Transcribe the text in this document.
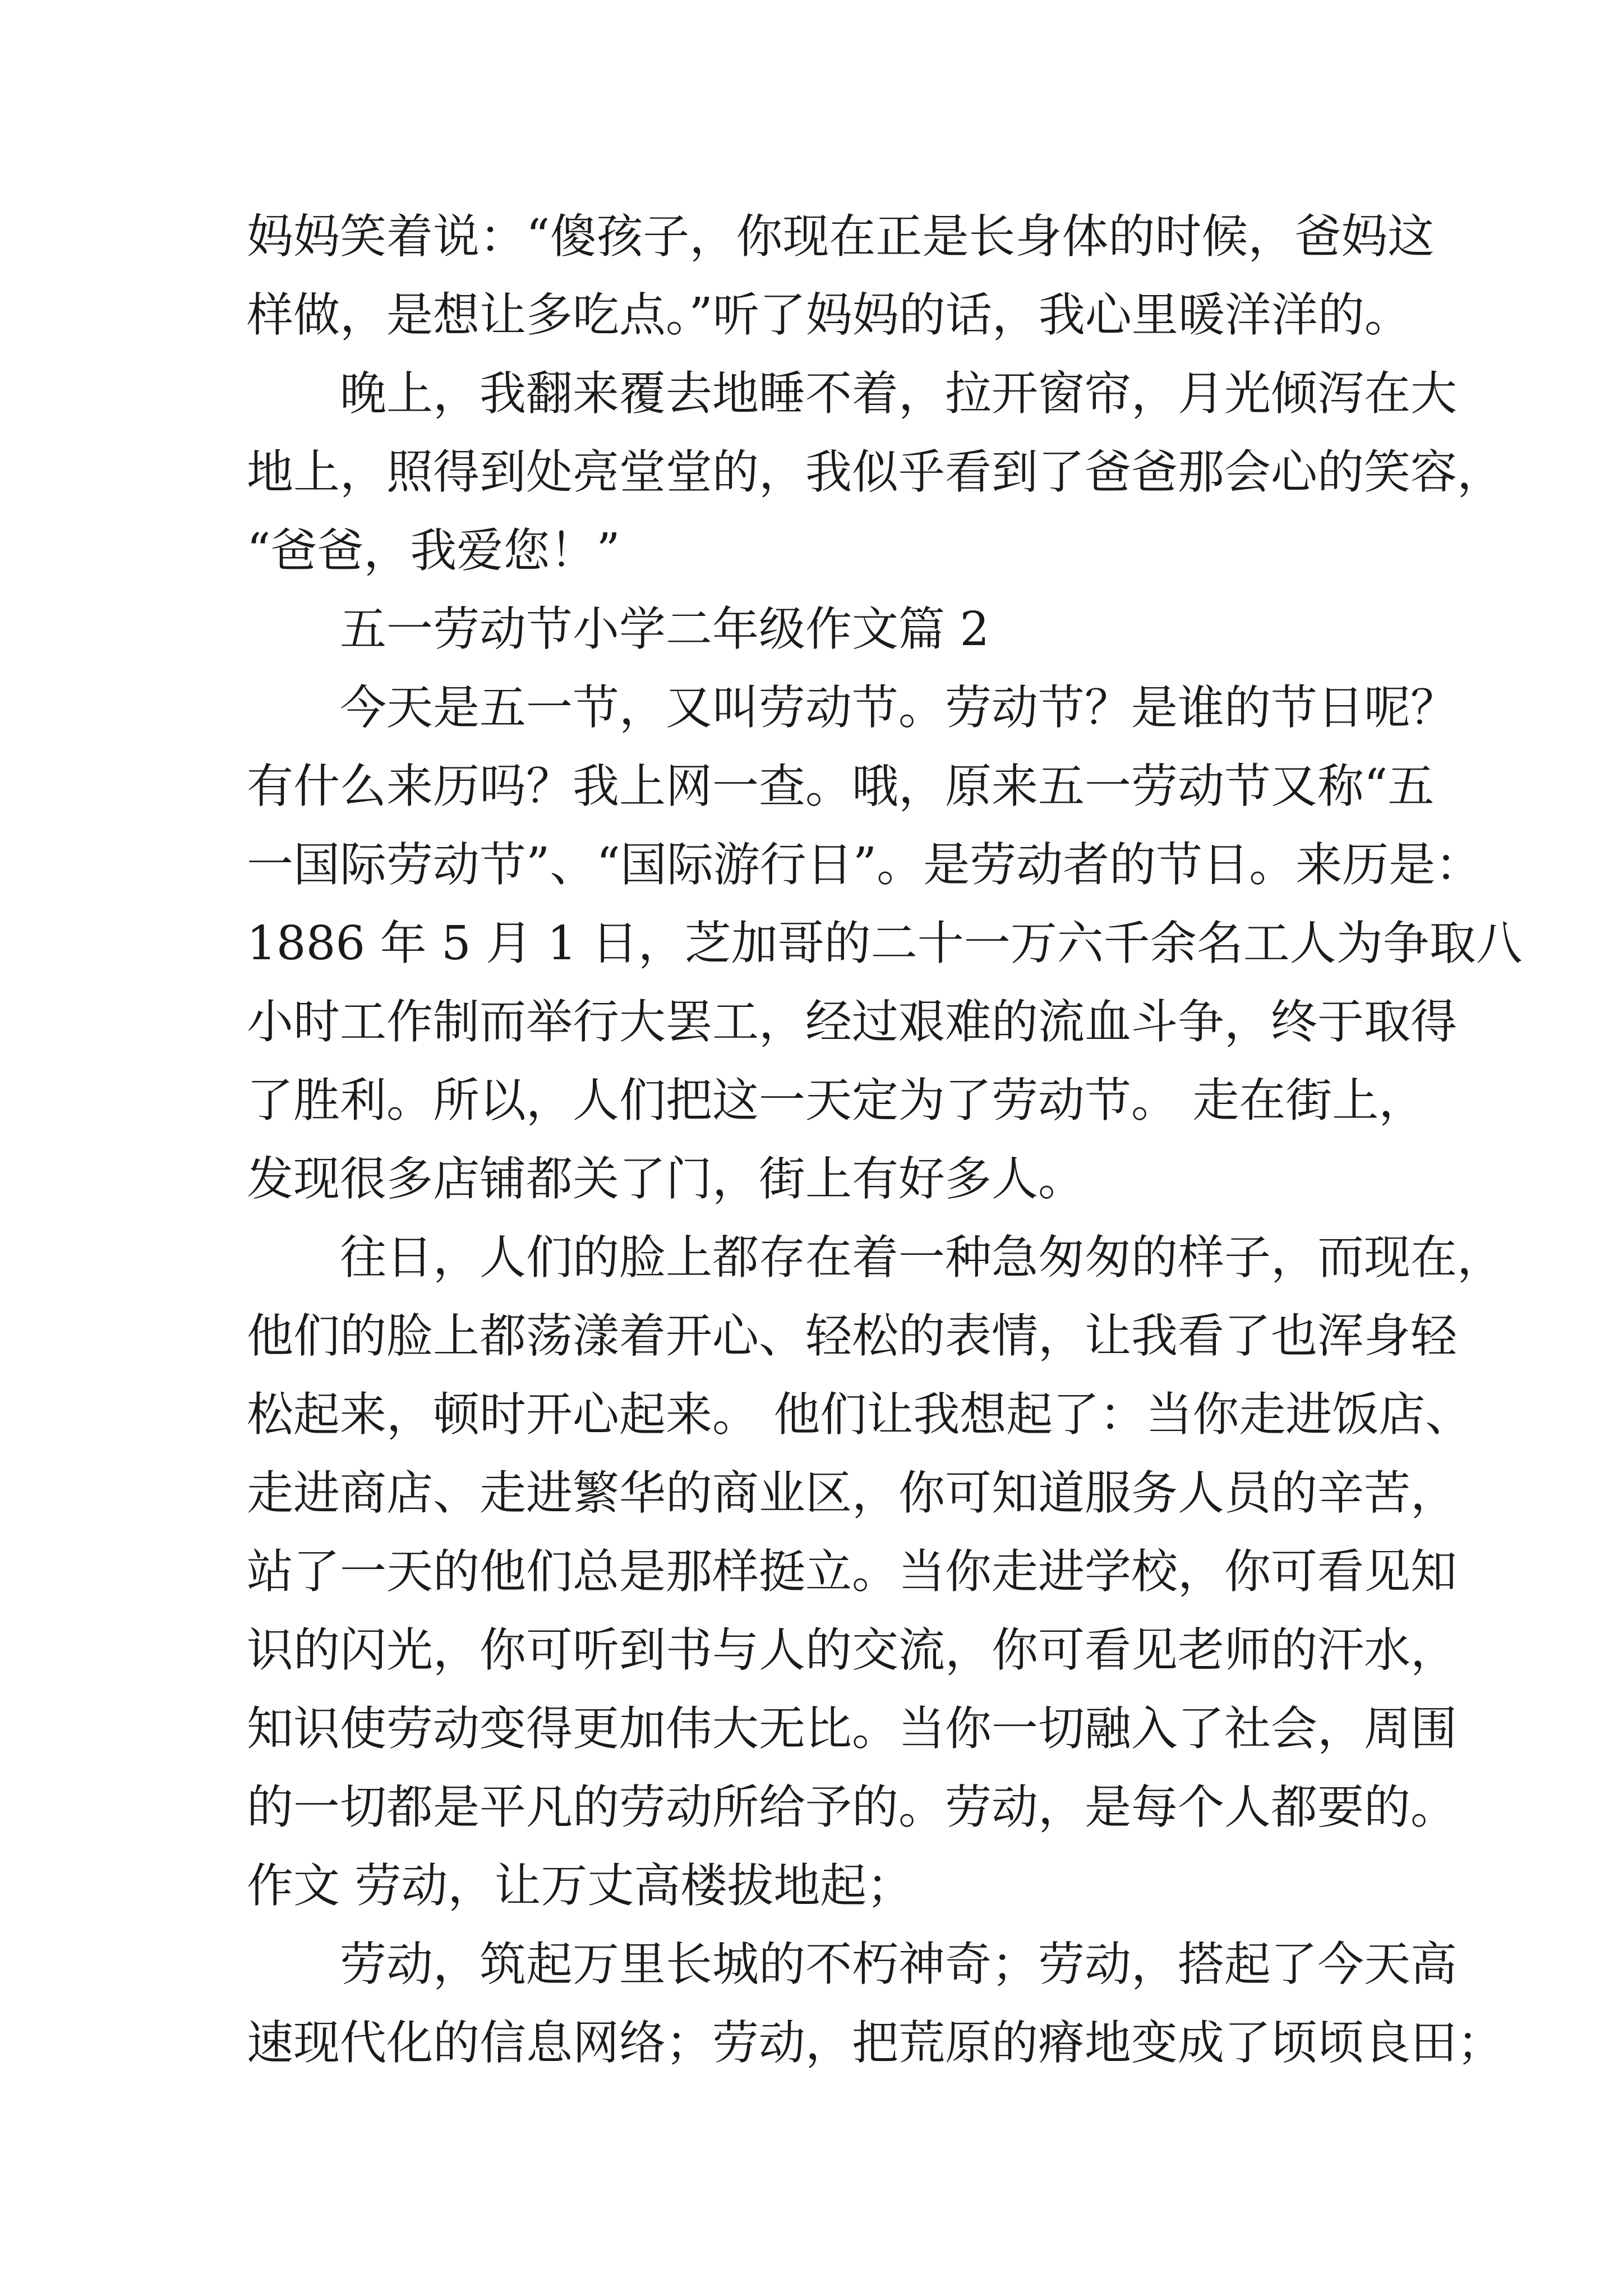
妈妈笑着说：“傻孩子，你现在正是长身体的时候，爸妈这

样做，是想让多吃点。”听了妈妈的话，我心里暖洋洋的。

　　晚上，我翻来覆去地睡不着，拉开窗帘，月光倾泻在大

地上，照得到处亮堂堂的，我似乎看到了爸爸那会心的笑容，

“爸爸，我爱您！”

　　五一劳动节小学二年级作文篇 2

　　今天是五一节，又叫劳动节。劳动节？是谁的节日呢？

有什么来历吗？我上网一查。哦，原来五一劳动节又称“五

一国际劳动节”、“国际游行日”。是劳动者的节日。来历是：

1886 年 5 月 1 日，芝加哥的二十一万六千余名工人为争取八

小时工作制而举行大罢工，经过艰难的流血斗争，终于取得

了胜利。所以，人们把这一天定为了劳动节。 走在街上，

发现很多店铺都关了门，街上有好多人。

　　往日，人们的脸上都存在着一种急匆匆的样子，而现在，

他们的脸上都荡漾着开心、轻松的表情，让我看了也浑身轻

松起来，顿时开心起来。 他们让我想起了：当你走进饭店、

走进商店、走进繁华的商业区，你可知道服务人员的辛苦，

站了一天的他们总是那样挺立。当你走进学校，你可看见知

识的闪光，你可听到书与人的交流，你可看见老师的汗水，

知识使劳动变得更加伟大无比。当你一切融入了社会，周围

的一切都是平凡的劳动所给予的。劳动，是每个人都要的。

作文 劳动，让万丈高楼拔地起；

　　劳动，筑起万里长城的不朽神奇；劳动，搭起了今天高

速现代化的信息网络；劳动，把荒原的瘠地变成了顷顷良田；
